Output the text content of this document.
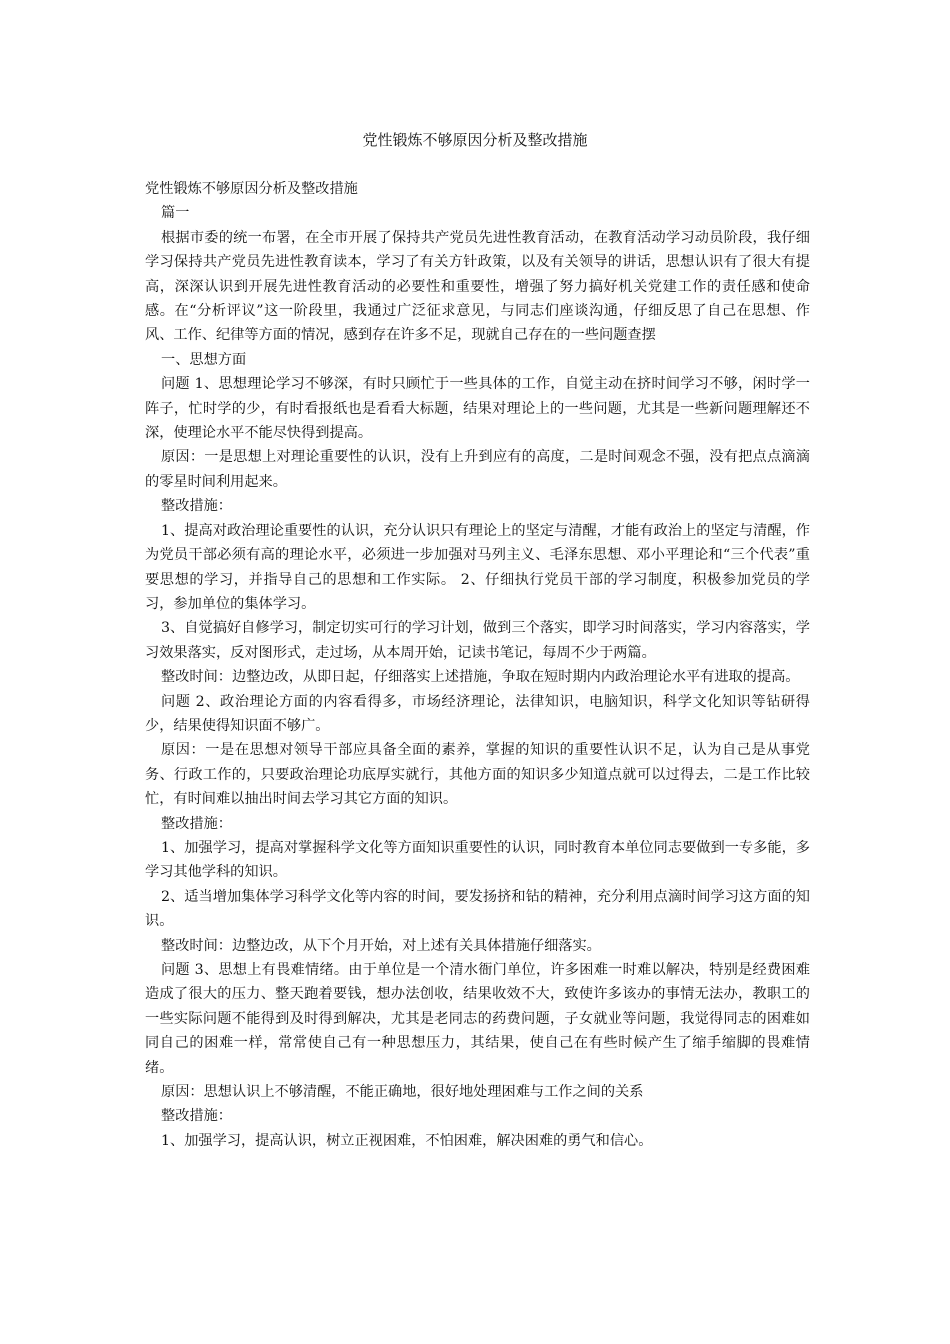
党性锻炼不够原因分析及整改措施

党性锻炼不够原因分析及整改措施

篇一

根据市委的统一布署，在全市开展了保持共产党员先进性教育活动，在教育活动学习动员阶段，我仔细学习保持共产党员先进性教育读本，学习了有关方针政策，以及有关领导的讲话，思想认识有了很大有提高，深深认识到开展先进性教育活动的必要性和重要性，增强了努力搞好机关党建工作的责任感和使命感。在“分析评议”这一阶段里，我通过广泛征求意见，与同志们座谈沟通，仔细反思了自己在思想、作风、工作、纪律等方面的情况，感到存在许多不足，现就自己存在的一些问题查摆

一、思想方面

问题 1、思想理论学习不够深，有时只顾忙于一些具体的工作，自觉主动在挤时间学习不够，闲时学一阵子，忙时学的少，有时看报纸也是看看大标题，结果对理论上的一些问题，尤其是一些新问题理解还不深，使理论水平不能尽快得到提高。

原因：一是思想上对理论重要性的认识，没有上升到应有的高度，二是时间观念不强，没有把点点滴滴的零星时间利用起来。

整改措施：

1、提高对政治理论重要性的认识，充分认识只有理论上的坚定与清醒，才能有政治上的坚定与清醒，作为党员干部必须有高的理论水平，必须进一步加强对马列主义、毛泽东思想、邓小平理论和“三个代表”重要思想的学习，并指导自己的思想和工作实际。 2、仔细执行党员干部的学习制度，积极参加党员的学习，参加单位的集体学习。

3、自觉搞好自修学习，制定切实可行的学习计划，做到三个落实，即学习时间落实，学习内容落实，学习效果落实，反对图形式，走过场，从本周开始，记读书笔记，每周不少于两篇。

整改时间：边整边改，从即日起，仔细落实上述措施，争取在短时期内内政治理论水平有进取的提高。

问题 2、政治理论方面的内容看得多，市场经济理论，法律知识，电脑知识，科学文化知识等钻研得少，结果使得知识面不够广。

原因：一是在思想对领导干部应具备全面的素养，掌握的知识的重要性认识不足，认为自己是从事党务、行政工作的，只要政治理论功底厚实就行，其他方面的知识多少知道点就可以过得去，二是工作比较忙，有时间难以抽出时间去学习其它方面的知识。

整改措施：

1、加强学习，提高对掌握科学文化等方面知识重要性的认识，同时教育本单位同志要做到一专多能，多学习其他学科的知识。

2、适当增加集体学习科学文化等内容的时间，要发扬挤和钻的精神，充分利用点滴时间学习这方面的知识。

整改时间：边整边改，从下个月开始，对上述有关具体措施仔细落实。

问题 3、思想上有畏难情绪。由于单位是一个清水衙门单位，许多困难一时难以解决，特别是经费困难造成了很大的压力、整天跑着要钱，想办法创收，结果收效不大，致使许多该办的事情无法办，教职工的一些实际问题不能得到及时得到解决，尤其是老同志的药费问题，子女就业等问题，我觉得同志的困难如同自己的困难一样，常常使自己有一种思想压力，其结果，使自己在有些时候产生了缩手缩脚的畏难情绪。

原因：思想认识上不够清醒，不能正确地，很好地处理困难与工作之间的关系

整改措施：

1、加强学习，提高认识，树立正视困难，不怕困难，解决困难的勇气和信心。
